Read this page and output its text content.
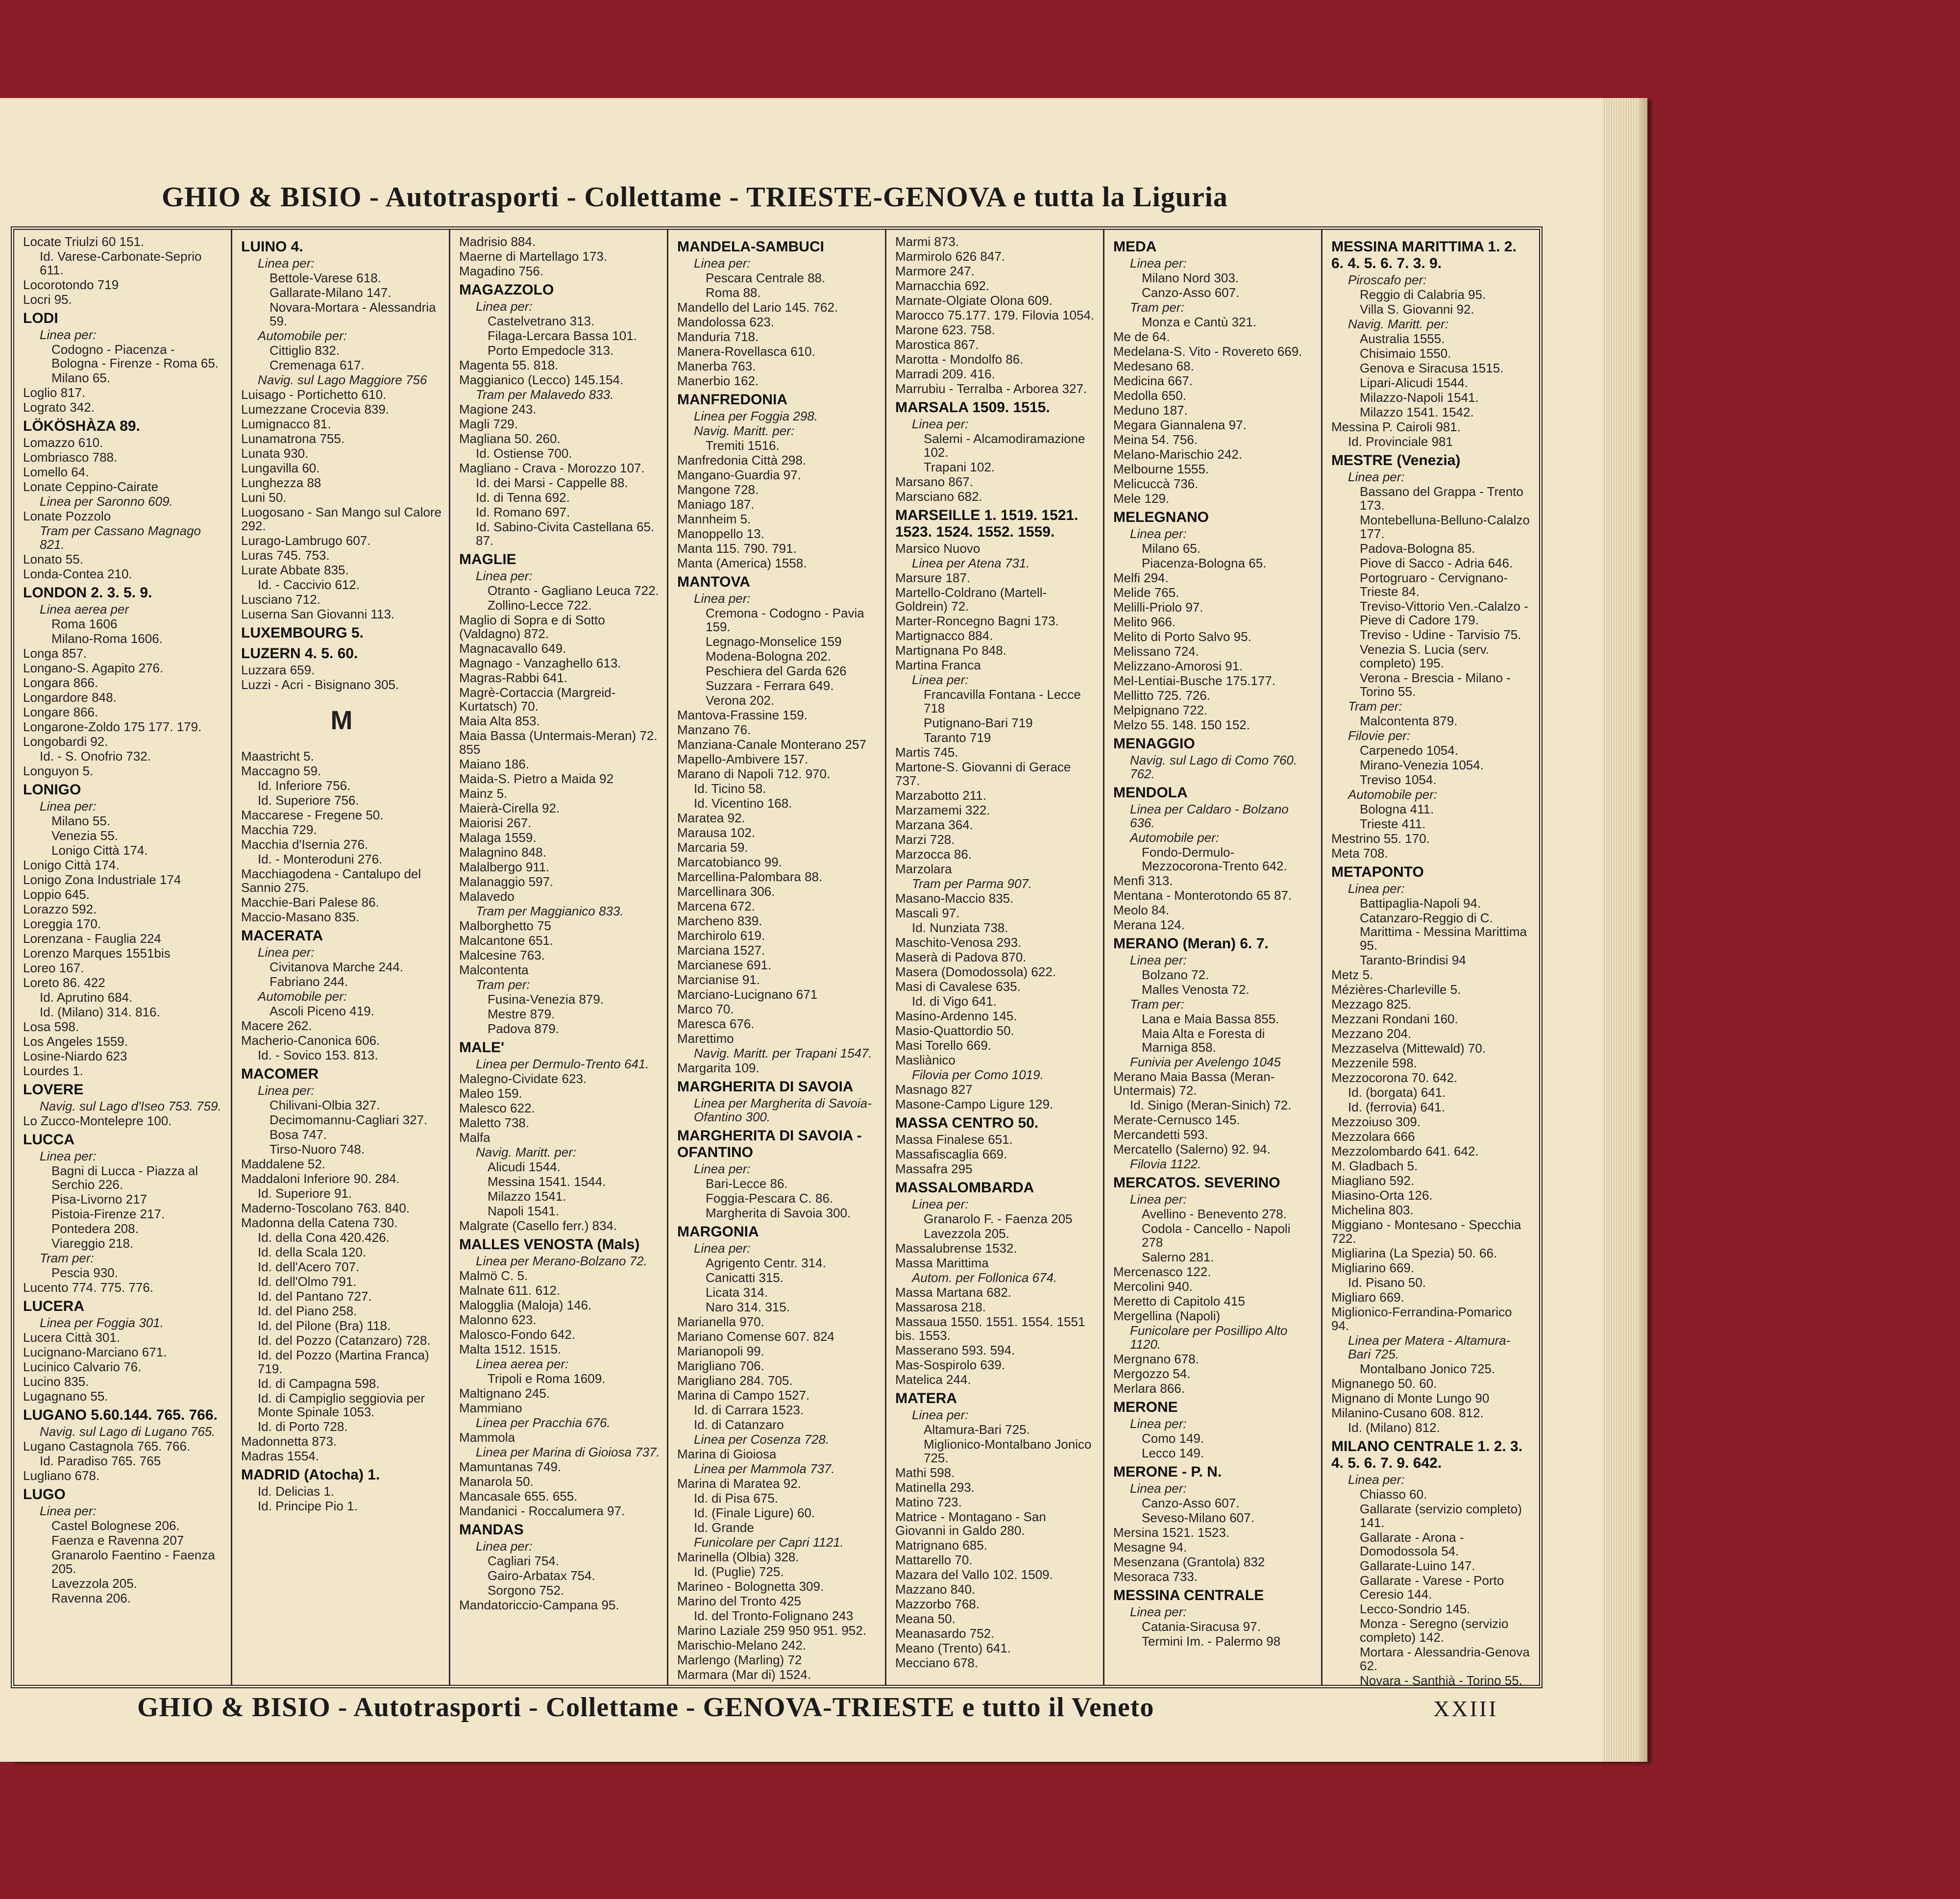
GHIO & BISIO - Autotrasporti - Collettame - TRIESTE-GENOVA e tutta la Liguria
Locate Triulzi 60 151.
Id. Varese-Carbonate-Seprio 611.
Locorotondo 719
Locri 95.
LODI
Linea per:
Codogno - Piacenza - Bologna - Firenze - Roma 65.
Milano 65.
Loglio 817.
Lograto 342.
LÖKÖSHÀZA 89.
Lomazzo 610.
Lombriasco 788.
Lomello 64.
Lonate Ceppino-Cairate
Linea per Saronno 609.
Lonate Pozzolo
Tram per Cassano Magnago 821.
Lonato 55.
Londa-Contea 210.
LONDON 2. 3. 5. 9.
Linea aerea per
Roma 1606
Milano-Roma 1606.
Longa 857.
Longano-S. Agapito 276.
Longara 866.
Longardore 848.
Longare 866.
Longarone-Zoldo 175 177. 179.
Longobardi 92.
Id. - S. Onofrio 732.
Longuyon 5.
LONIGO
Linea per:
Milano 55.
Venezia 55.
Lonigo Città 174.
Lonigo Città 174.
Lonigo Zona Industriale 174
Loppio 645.
Lorazzo 592.
Loreggia 170.
Lorenzana - Fauglia 224
Lorenzo Marques 1551bis
Loreo 167.
Loreto 86. 422
Id. Aprutino 684.
Id. (Milano) 314. 816.
Losa 598.
Los Angeles 1559.
Losine-Niardo 623
Lourdes 1.
LOVERE
Navig. sul Lago d'Iseo 753. 759.
Lo Zucco-Montelepre 100.
LUCCA
Linea per:
Bagni di Lucca - Piazza al Serchio 226.
Pisa-Livorno 217
Pistoia-Firenze 217.
Pontedera 208.
Viareggio 218.
Tram per:
Pescia 930.
Lucento 774. 775. 776.
LUCERA
Linea per Foggia 301.
Lucera Città 301.
Lucignano-Marciano 671.
Lucinico Calvario 76.
Lucino 835.
Lugagnano 55.
LUGANO 5.60.144. 765. 766.
Navig. sul Lago di Lugano 765.
Lugano Castagnola 765. 766.
Id. Paradiso 765. 765
Lugliano 678.
LUGO
Linea per:
Castel Bolognese 206.
Faenza e Ravenna 207
Granarolo Faentino - Faenza 205.
Lavezzola 205.
Ravenna 206.
LUINO 4.
Linea per:
Bettole-Varese 618.
Gallarate-Milano 147.
Novara-Mortara - Alessandria 59.
Automobile per:
Cittiglio 832.
Cremenaga 617.
Navig. sul Lago Maggiore 756
Luisago - Portichetto 610.
Lumezzane Crocevia 839.
Lumignacco 81.
Lunamatrona 755.
Lunata 930.
Lungavilla 60.
Lunghezza 88
Luni 50.
Luogosano - San Mango sul Calore 292.
Lurago-Lambrugo 607.
Luras 745. 753.
Lurate Abbate 835.
Id. - Caccivio 612.
Lusciano 712.
Luserna San Giovanni 113.
LUXEMBOURG 5.
LUZERN 4. 5. 60.
Luzzara 659.
Luzzi - Acri - Bisignano 305.
M
Maastricht 5.
Maccagno 59.
Id. Inferiore 756.
Id. Superiore 756.
Maccarese - Fregene 50.
Macchia 729.
Macchia d'Isernia 276.
Id. - Monteroduni 276.
Macchiagodena - Cantalupo del Sannio 275.
Macchie-Bari Palese 86.
Maccio-Masano 835.
MACERATA
Linea per:
Civitanova Marche 244.
Fabriano 244.
Automobile per:
Ascoli Piceno 419.
Macere 262.
Macherio-Canonica 606.
Id. - Sovico 153. 813.
MACOMER
Linea per:
Chilivani-Olbia 327.
Decimomannu-Cagliari 327.
Bosa 747.
Tirso-Nuoro 748.
Maddalene 52.
Maddaloni Inferiore 90. 284.
Id. Superiore 91.
Maderno-Toscolano 763. 840.
Madonna della Catena 730.
Id. della Cona 420.426.
Id. della Scala 120.
Id. dell'Acero 707.
Id. dell'Olmo 791.
Id. del Pantano 727.
Id. del Piano 258.
Id. del Pilone (Bra) 118.
Id. del Pozzo (Catanzaro) 728.
Id. del Pozzo (Martina Franca) 719.
Id. di Campagna 598.
Id. di Campiglio seggiovia per Monte Spinale 1053.
Id. di Porto 728.
Madonnetta 873.
Madras 1554.
MADRID (Atocha) 1.
Id. Delicias 1.
Id. Principe Pio 1.
Madrisio 884.
Maerne di Martellago 173.
Magadino 756.
MAGAZZOLO
Linea per:
Castelvetrano 313.
Filaga-Lercara Bassa 101.
Porto Empedocle 313.
Magenta 55. 818.
Maggianico (Lecco) 145.154.
Tram per Malavedo 833.
Magione 243.
Magli 729.
Magliana 50. 260.
Id. Ostiense 700.
Magliano - Crava - Morozzo 107.
Id. dei Marsi - Cappelle 88.
Id. di Tenna 692.
Id. Romano 697.
Id. Sabino-Civita Castellana 65. 87.
MAGLIE
Linea per:
Otranto - Gagliano Leuca 722.
Zollino-Lecce 722.
Maglio di Sopra e di Sotto (Valdagno) 872.
Magnacavallo 649.
Magnago - Vanzaghello 613.
Magras-Rabbi 641.
Magrè-Cortaccia (Margreid-Kurtatsch) 70.
Maia Alta 853.
Maia Bassa (Untermais-Meran) 72. 855
Maiano 186.
Maida-S. Pietro a Maida 92
Mainz 5.
Maierà-Cirella 92.
Maiorisi 267.
Malaga 1559.
Malagnino 848.
Malalbergo 911.
Malanaggio 597.
Malavedo
Tram per Maggianico 833.
Malborghetto 75
Malcantone 651.
Malcesine 763.
Malcontenta
Tram per:
Fusina-Venezia 879.
Mestre 879.
Padova 879.
MALE'
Linea per Dermulo-Trento 641.
Malegno-Cividate 623.
Maleo 159.
Malesco 622.
Maletto 738.
Malfa
Navig. Maritt. per:
Alicudi 1544.
Messina 1541. 1544.
Milazzo 1541.
Napoli 1541.
Malgrate (Casello ferr.) 834.
MALLES VENOSTA (Mals)
Linea per Merano-Bolzano 72.
Malmö C. 5.
Malnate 611. 612.
Malogglia (Maloja) 146.
Malonno 623.
Malosco-Fondo 642.
Malta 1512. 1515.
Linea aerea per:
Tripoli e Roma 1609.
Maltignano 245.
Mammiano
Linea per Pracchia 676.
Mammola
Linea per Marina di Gioiosa 737.
Mamuntanas 749.
Manarola 50.
Mancasale 655. 655.
Mandanici - Roccalumera 97.
MANDAS
Linea per:
Cagliari 754.
Gairo-Arbatax 754.
Sorgono 752.
Mandatoriccio-Campana 95.
MANDELA-SAMBUCI
Linea per:
Pescara Centrale 88.
Roma 88.
Mandello del Lario 145. 762.
Mandolossa 623.
Manduria 718.
Manera-Rovellasca 610.
Manerba 763.
Manerbio 162.
MANFREDONIA
Linea per Foggia 298.
Navig. Maritt. per:
Tremiti 1516.
Manfredonia Città 298.
Mangano-Guardia 97.
Mangone 728.
Maniago 187.
Mannheim 5.
Manoppello 13.
Manta 115. 790. 791.
Manta (America) 1558.
MANTOVA
Linea per:
Cremona - Codogno - Pavia 159.
Legnago-Monselice 159
Modena-Bologna 202.
Peschiera del Garda 626
Suzzara - Ferrara 649.
Verona 202.
Mantova-Frassine 159.
Manzano 76.
Manziana-Canale Monterano 257
Mapello-Ambivere 157.
Marano di Napoli 712. 970.
Id. Ticino 58.
Id. Vicentino 168.
Maratea 92.
Marausa 102.
Marcaria 59.
Marcatobianco 99.
Marcellina-Palombara 88.
Marcellinara 306.
Marcena 672.
Marcheno 839.
Marchirolo 619.
Marciana 1527.
Marcianese 691.
Marcianise 91.
Marciano-Lucignano 671
Marco 70.
Maresca 676.
Marettimo
Navig. Maritt. per Trapani 1547.
Margarita 109.
MARGHERITA DI SAVOIA
Linea per Margherita di Savoia-Ofantino 300.
MARGHERITA DI SAVOIA - OFANTINO
Linea per:
Bari-Lecce 86.
Foggia-Pescara C. 86.
Margherita di Savoia 300.
MARGONIA
Linea per:
Agrigento Centr. 314.
Canicatti 315.
Licata 314.
Naro 314. 315.
Marianella 970.
Mariano Comense 607. 824
Marianopoli 99.
Marigliano 706.
Marigliano 284. 705.
Marina di Campo 1527.
Id. di Carrara 1523.
Id. di Catanzaro
Linea per Cosenza 728.
Marina di Gioiosa
Linea per Mammola 737.
Marina di Maratea 92.
Id. di Pisa 675.
Id. (Finale Ligure) 60.
Id. Grande
Funicolare per Capri 1121.
Marinella (Olbia) 328.
Id. (Puglie) 725.
Marineo - Bolognetta 309.
Marino del Tronto 425
Id. del Tronto-Folignano 243
Marino Laziale 259 950 951. 952.
Marischio-Melano 242.
Marlengo (Marling) 72
Marmara (Mar di) 1524.
Marmi 873.
Marmirolo 626 847.
Marmore 247.
Marnacchia 692.
Marnate-Olgiate Olona 609.
Marocco 75.177. 179. Filovia 1054.
Marone 623. 758.
Marostica 867.
Marotta - Mondolfo 86.
Marradi 209. 416.
Marrubiu - Terralba - Arborea 327.
MARSALA 1509. 1515.
Linea per:
Salemi - Alcamodiramazione 102.
Trapani 102.
Marsano 867.
Marsciano 682.
MARSEILLE 1. 1519. 1521. 1523. 1524. 1552. 1559.
Marsico Nuovo
Linea per Atena 731.
Marsure 187.
Martello-Coldrano (Martell-Goldrein) 72.
Marter-Roncegno Bagni 173.
Martignacco 884.
Martignana Po 848.
Martina Franca
Linea per:
Francavilla Fontana - Lecce 718
Putignano-Bari 719
Taranto 719
Martis 745.
Martone-S. Giovanni di Gerace 737.
Marzabotto 211.
Marzamemi 322.
Marzana 364.
Marzi 728.
Marzocca 86.
Marzolara
Tram per Parma 907.
Masano-Maccio 835.
Mascali 97.
Id. Nunziata 738.
Maschito-Venosa 293.
Maserà di Padova 870.
Masera (Domodossola) 622.
Masi di Cavalese 635.
Id. di Vigo 641.
Masino-Ardenno 145.
Masio-Quattordio 50.
Masi Torello 669.
Masliànico
Filovia per Como 1019.
Masnago 827
Masone-Campo Ligure 129.
MASSA CENTRO 50.
Massa Finalese 651.
Massafiscaglia 669.
Massafra 295
MASSALOMBARDA
Linea per:
Granarolo F. - Faenza 205
Lavezzola 205.
Massalubrense 1532.
Massa Marittima
Autom. per Follonica 674.
Massa Martana 682.
Massarosa 218.
Massaua 1550. 1551. 1554. 1551 bis. 1553.
Masserano 593. 594.
Mas-Sospirolo 639.
Matelica 244.
MATERA
Linea per:
Altamura-Bari 725.
Miglionico-Montalbano Jonico 725.
Mathi 598.
Matinella 293.
Matino 723.
Matrice - Montagano - San Giovanni in Galdo 280.
Matrignano 685.
Mattarello 70.
Mazara del Vallo 102. 1509.
Mazzano 840.
Mazzorbo 768.
Meana 50.
Meanasardo 752.
Meano (Trento) 641.
Mecciano 678.
MEDA
Linea per:
Milano Nord 303.
Canzo-Asso 607.
Tram per:
Monza e Cantù 321.
Me de 64.
Medelana-S. Vito - Rovereto 669.
Medesano 68.
Medicina 667.
Medolla 650.
Meduno 187.
Megara Giannalena 97.
Meina 54. 756.
Melano-Marischio 242.
Melbourne 1555.
Melicuccà 736.
Mele 129.
MELEGNANO
Linea per:
Milano 65.
Piacenza-Bologna 65.
Melfi 294.
Melide 765.
Melilli-Priolo 97.
Melito 966.
Melito di Porto Salvo 95.
Melissano 724.
Melizzano-Amorosi 91.
Mel-Lentiai-Busche 175.177.
Mellitto 725. 726.
Melpignano 722.
Melzo 55. 148. 150 152.
MENAGGIO
Navig. sul Lago di Como 760. 762.
MENDOLA
Linea per Caldaro - Bolzano 636.
Automobile per:
Fondo-Dermulo-Mezzocorona-Trento 642.
Menfi 313.
Mentana - Monterotondo 65 87.
Meolo 84.
Merana 124.
MERANO (Meran) 6. 7.
Linea per:
Bolzano 72.
Malles Venosta 72.
Tram per:
Lana e Maia Bassa 855.
Maia Alta e Foresta di Marniga 858.
Funivia per Avelengo 1045
Merano Maia Bassa (Meran-Untermais) 72.
Id. Sinigo (Meran-Sinich) 72.
Merate-Cernusco 145.
Mercandetti 593.
Mercatello (Salerno) 92. 94.
Filovia 1122.
MERCATOS. SEVERINO
Linea per:
Avellino - Benevento 278.
Codola - Cancello - Napoli 278
Salerno 281.
Mercenasco 122.
Mercolini 940.
Meretto di Capitolo 415
Mergellina (Napoli)
Funicolare per Posillipo Alto 1120.
Mergnano 678.
Mergozzo 54.
Merlara 866.
MERONE
Linea per:
Como 149.
Lecco 149.
MERONE - P. N.
Linea per:
Canzo-Asso 607.
Seveso-Milano 607.
Mersina 1521. 1523.
Mesagne 94.
Mesenzana (Grantola) 832
Mesoraca 733.
MESSINA CENTRALE
Linea per:
Catania-Siracusa 97.
Termini Im. - Palermo 98
MESSINA MARITTIMA 1. 2. 6. 4. 5. 6. 7. 3. 9.
Piroscafo per:
Reggio di Calabria 95.
Villa S. Giovanni 92.
Navig. Maritt. per:
Australia 1555.
Chisimaio 1550.
Genova e Siracusa 1515.
Lipari-Alicudi 1544.
Milazzo-Napoli 1541.
Milazzo 1541. 1542.
Messina P. Cairoli 981.
Id. Provinciale 981
MESTRE (Venezia)
Linea per:
Bassano del Grappa - Trento 173.
Montebelluna-Belluno-Calalzo 177.
Padova-Bologna 85.
Piove di Sacco - Adria 646.
Portogruaro - Cervignano-Trieste 84.
Treviso-Vittorio Ven.-Calalzo - Pieve di Cadore 179.
Treviso - Udine - Tarvisio 75.
Venezia S. Lucia (serv. completo) 195.
Verona - Brescia - Milano - Torino 55.
Tram per:
Malcontenta 879.
Filovie per:
Carpenedo 1054.
Mirano-Venezia 1054.
Treviso 1054.
Automobile per:
Bologna 411.
Trieste 411.
Mestrino 55. 170.
Meta 708.
METAPONTO
Linea per:
Battipaglia-Napoli 94.
Catanzaro-Reggio di C. Marittima - Messina Marittima 95.
Taranto-Brindisi 94
Metz 5.
Mézières-Charleville 5.
Mezzago 825.
Mezzani Rondani 160.
Mezzano 204.
Mezzaselva (Mittewald) 70.
Mezzenile 598.
Mezzocorona 70. 642.
Id. (borgata) 641.
Id. (ferrovia) 641.
Mezzoiuso 309.
Mezzolara 666
Mezzolombardo 641. 642.
M. Gladbach 5.
Miagliano 592.
Miasino-Orta 126.
Michelina 803.
Miggiano - Montesano - Specchia 722.
Migliarina (La Spezia) 50. 66.
Migliarino 669.
Id. Pisano 50.
Migliaro 669.
Miglionico-Ferrandina-Pomarico 94.
Linea per Matera - Altamura-Bari 725.
Montalbano Jonico 725.
Mignanego 50. 60.
Mignano di Monte Lungo 90
Milanino-Cusano 608. 812.
Id. (Milano) 812.
MILANO CENTRALE 1. 2. 3. 4. 5. 6. 7. 9. 642.
Linea per:
Chiasso 60.
Gallarate (servizio completo) 141.
Gallarate - Arona - Domodossola 54.
Gallarate-Luino 147.
Gallarate - Varese - Porto Ceresio 144.
Lecco-Sondrio 145.
Monza - Seregno (servizio completo) 142.
Mortara - Alessandria-Genova 62.
Novara - Santhià - Torino 55.
GHIO & BISIO - Autotrasporti - Collettame - GENOVA-TRIESTE e tutto il Veneto	XXIII
